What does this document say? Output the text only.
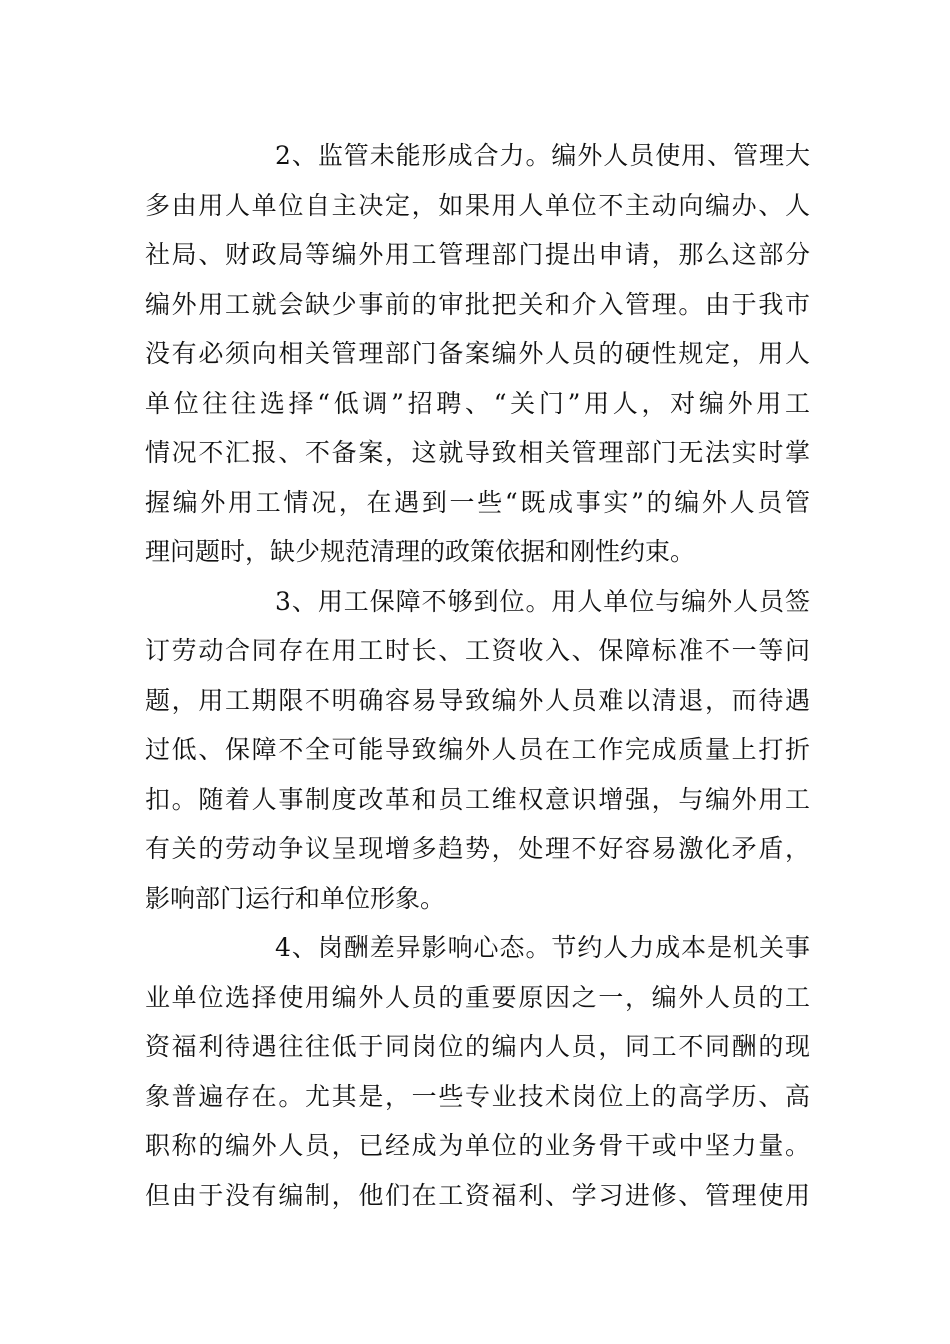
2、监管未能形成合力。编外人员使用、管理大
多由用人单位自主决定，如果用人单位不主动向编办、人
社局、财政局等编外用工管理部门提出申请，那么这部分
编外用工就会缺少事前的审批把关和介入管理。由于我市
没有必须向相关管理部门备案编外人员的硬性规定，用人
单位往往选择“低调”招聘、“关门”用人，对编外用工
情况不汇报、不备案，这就导致相关管理部门无法实时掌
握编外用工情况，在遇到一些“既成事实”的编外人员管
理问题时，缺少规范清理的政策依据和刚性约束。
3、用工保障不够到位。用人单位与编外人员签
订劳动合同存在用工时长、工资收入、保障标准不一等问
题，用工期限不明确容易导致编外人员难以清退，而待遇
过低、保障不全可能导致编外人员在工作完成质量上打折
扣。随着人事制度改革和员工维权意识增强，与编外用工
有关的劳动争议呈现增多趋势，处理不好容易激化矛盾，
影响部门运行和单位形象。
4、岗酬差异影响心态。节约人力成本是机关事
业单位选择使用编外人员的重要原因之一，编外人员的工
资福利待遇往往低于同岗位的编内人员，同工不同酬的现
象普遍存在。尤其是，一些专业技术岗位上的高学历、高
职称的编外人员，已经成为单位的业务骨干或中坚力量。
但由于没有编制，他们在工资福利、学习进修、管理使用
